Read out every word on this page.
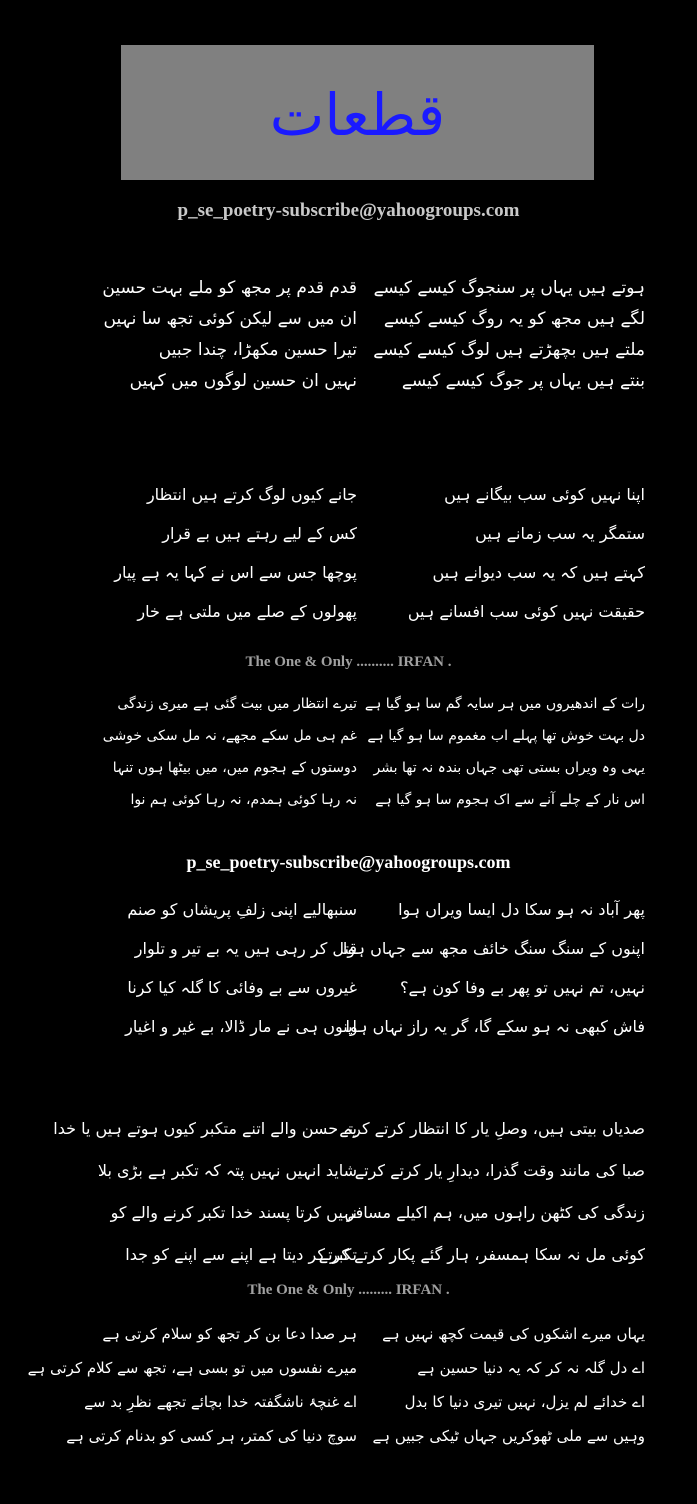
قطعات
p_se_poetry-subscribe@yahoogroups.com
ہوتے ہیں یہاں پر سنجوگ کیسے کیسے
لگے ہیں مجھ کو یہ روگ کیسے کیسے
ملتے ہیں بچھڑتے ہیں لوگ کیسے کیسے
بنتے ہیں یہاں پر جوگ کیسے کیسے
قدم قدم پر مجھ کو ملے بہت حسین
ان میں سے لیکن کوئی تجھ سا نہیں
تیرا حسین مکھڑا، چندا جبیں
نہیں ان حسین لوگوں میں کہیں
اپنا نہیں کوئی سب بیگانے ہیں
ستمگر یہ سب زمانے ہیں
کہتے ہیں کہ یہ سب دیوانے ہیں
حقیقت نہیں کوئی سب افسانے ہیں
جانے کیوں لوگ کرتے ہیں انتظار
کس کے لیے رہتے ہیں بے قرار
پوچھا جس سے اس نے کہا یہ ہے پیار
پھولوں کے صلے میں ملتی ہے خار
The One & Only .......... IRFAN .
رات کے اندھیروں میں ہر سایہ گم سا ہو گیا ہے
دل بہت خوش تھا پہلے اب مغموم سا ہو گیا ہے
یہی وہ ویراں بستی تھی جہاں بندہ نہ تھا بشر
اس نار کے چلے آنے سے اک ہجوم سا ہو گیا ہے
تیرے انتظار میں بیت گئی ہے میری زندگی
غم ہی مل سکے مجھے، نہ مل سکی خوشی
دوستوں کے ہجوم میں، میں بیٹھا ہوں تنہا
نہ رہا کوئی ہمدم، نہ رہا کوئی ہم نوا
p_se_poetry-subscribe@yahoogroups.com
پھر آباد نہ ہو سکا دل ایسا ویراں ہوا
اپنوں کے سنگ سنگ خائف مجھ سے جہاں ہوا
نہیں، تم نہیں تو پھر بے وفا کون ہے؟
فاش کبھی نہ ہو سکے گا، گر یہ راز نہاں ہوا
سنبھالیے اپنی زلفِ پریشاں کو صنم
قتل کر رہی ہیں یہ بے تیر و تلوار
غیروں سے بے وفائی کا گلہ کیا کرنا
اپنوں ہی نے مار ڈالا، بے غیر و اغیار
صدیاں بیتی ہیں، وصلِ یار کا انتظار کرتے کرتے
صبا کی مانند وقت گذرا، دیدارِ یار کرتے کرتے
زندگی کی کٹھن راہوں میں، ہم اکیلے مسافر
کوئی مل نہ سکا ہمسفر، ہار گئے پکار کرتے کرتے
یہ حسن والے اتنے متکبر کیوں ہوتے ہیں یا خدا
شاید انہیں نہیں پتہ کہ تکبر ہے بڑی بلا
نہیں کرتا پسند خدا تکبر کرنے والے کو
تکبر کر دیتا ہے اپنے سے اپنے کو جدا
The One & Only ......... IRFAN .
یہاں میرے اشکوں کی قیمت کچھ نہیں ہے
اے دل گلہ نہ کر کہ یہ دنیا حسین ہے
اے خدائے لم یزل، نہیں تیری دنیا کا بدل
وہیں سے ملی ٹھوکریں جہاں ٹیکی جبیں ہے
ہر صدا دعا بن کر تجھ کو سلام کرتی ہے
میرے نفسوں میں تو بسی ہے، تجھ سے کلام کرتی ہے
اے غنچۂ ناشگفتہ خدا بچائے تجھے نظرِ بد سے
سوچ دنیا کی کمتر، ہر کسی کو بدنام کرتی ہے
